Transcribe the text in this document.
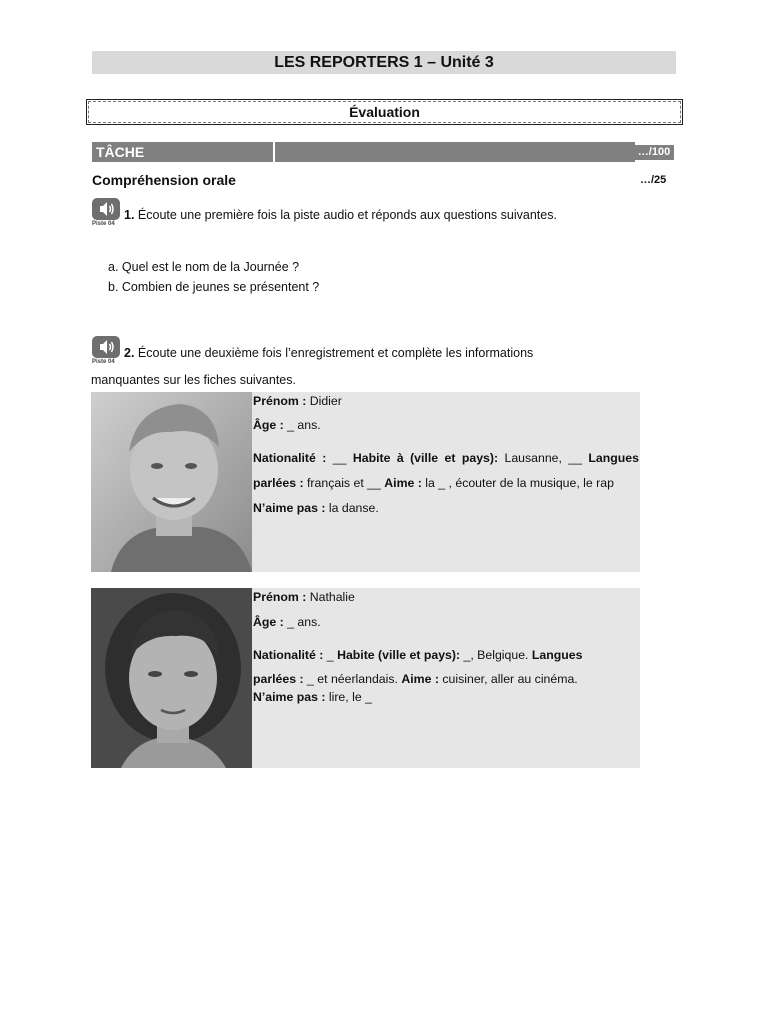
LES REPORTERS 1 – Unité 3
Évaluation
TÂCHE	…/100
Compréhension orale	…/25
Piste 04
1. Écoute une première fois la piste audio et réponds aux questions suivantes.
a. Quel est le nom de la Journée ?
b. Combien de jeunes se présentent ?
Piste 04
2. Écoute une deuxième fois l’enregistrement et complète les informations
manquantes sur les fiches suivantes.
Prénom : Didier
Âge : _ ans.
Nationalité : __ Habite à (ville et pays): Lausanne, __ Langues
parlées : français et __ Aime : la _ , écouter de la musique, le rap
N’aime pas : la danse.
Prénom : Nathalie
Âge : _ ans.
Nationalité : _ Habite (ville et pays): _, Belgique. Langues
parlées : _ et néerlandais. Aime : cuisiner, aller au cinéma.
N’aime pas : lire, le _
